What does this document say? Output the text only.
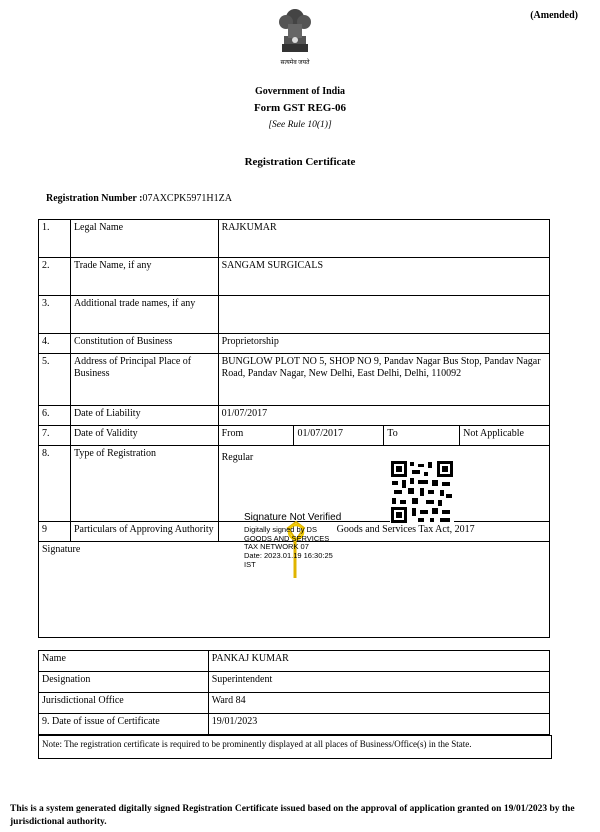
(Amended)
सत्यमेव जयते
Government of India
Form GST REG-06
[See Rule 10(1)]
Registration Certificate
Registration Number :07AXCPK5971H1ZA
1.	Legal Name	RAJKUMAR			
2.	Trade Name, if any	SANGAM SURGICALS			
3.	Additional trade names, if any				
4.	Constitution of Business	Proprietorship			
5.	Address of Principal Place of Business	BUNGLOW PLOT NO 5, SHOP NO 9, Pandav Nagar Bus Stop, Pandav Nagar Road, Pandav Nagar, New Delhi, East Delhi, Delhi, 110092			
6.	Date of Liability	01/07/2017			
7.	Date of Validity	From	01/07/2017	To	Not Applicable
8.	Type of Registration	Regular			
9	Particulars of Approving Authority	Goods and Services Tax Act, 2017			
Signature					
Signature Not Verified
Digitally signed by DS
GOODS AND SERVICES
TAX NETWORK 07
Date: 2023.01.19 16:30:25
IST
Name	PANKAJ KUMAR
Designation	Superintendent
Jurisdictional Office	Ward 84
9. Date of issue of Certificate	19/01/2023
Note: The registration certificate is required to be prominently displayed at all places of Business/Office(s) in the State.
This is a system generated digitally signed Registration Certificate issued based on the approval of application granted on 19/01/2023 by the jurisdictional authority.
